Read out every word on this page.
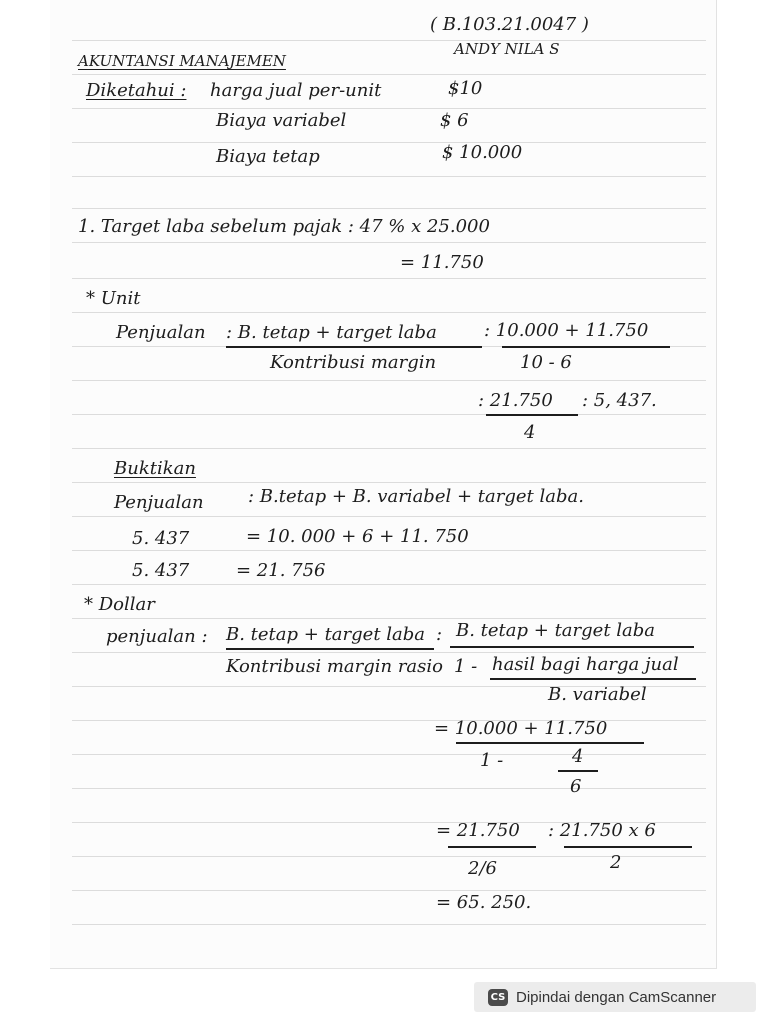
( B.103.21.0047 )
ANDY NILA S
AKUNTANSI MANAJEMEN
Diketahui : harga jual per-unit	$10
Biaya variabel	$ 6
Biaya tetap	$ 10.000
1. Target laba sebelum pajak : 47 % x 25.000
= 11.750
* Unit
Penjualan : B. tetap + target laba
Kontribusi margin
: 10.000 + 11.750
10 - 6
: 21.750
4
: 5, 437.
Buktikan
Penjualan : B.tetap + B. variabel + target laba.
5. 437	= 10. 000 + 6 + 11. 750
5. 437	= 21. 756
* Dollar
penjualan : B. tetap + target laba
Kontribusi margin rasio
: B. tetap + target laba
1 - hasil bagi harga jual
B. variabel
= 10.000 + 11.750
1 -	4
6
= 21.750
2/6
: 21.750 x 6
2
= 65. 250.
CS Dipindai dengan CamScanner
